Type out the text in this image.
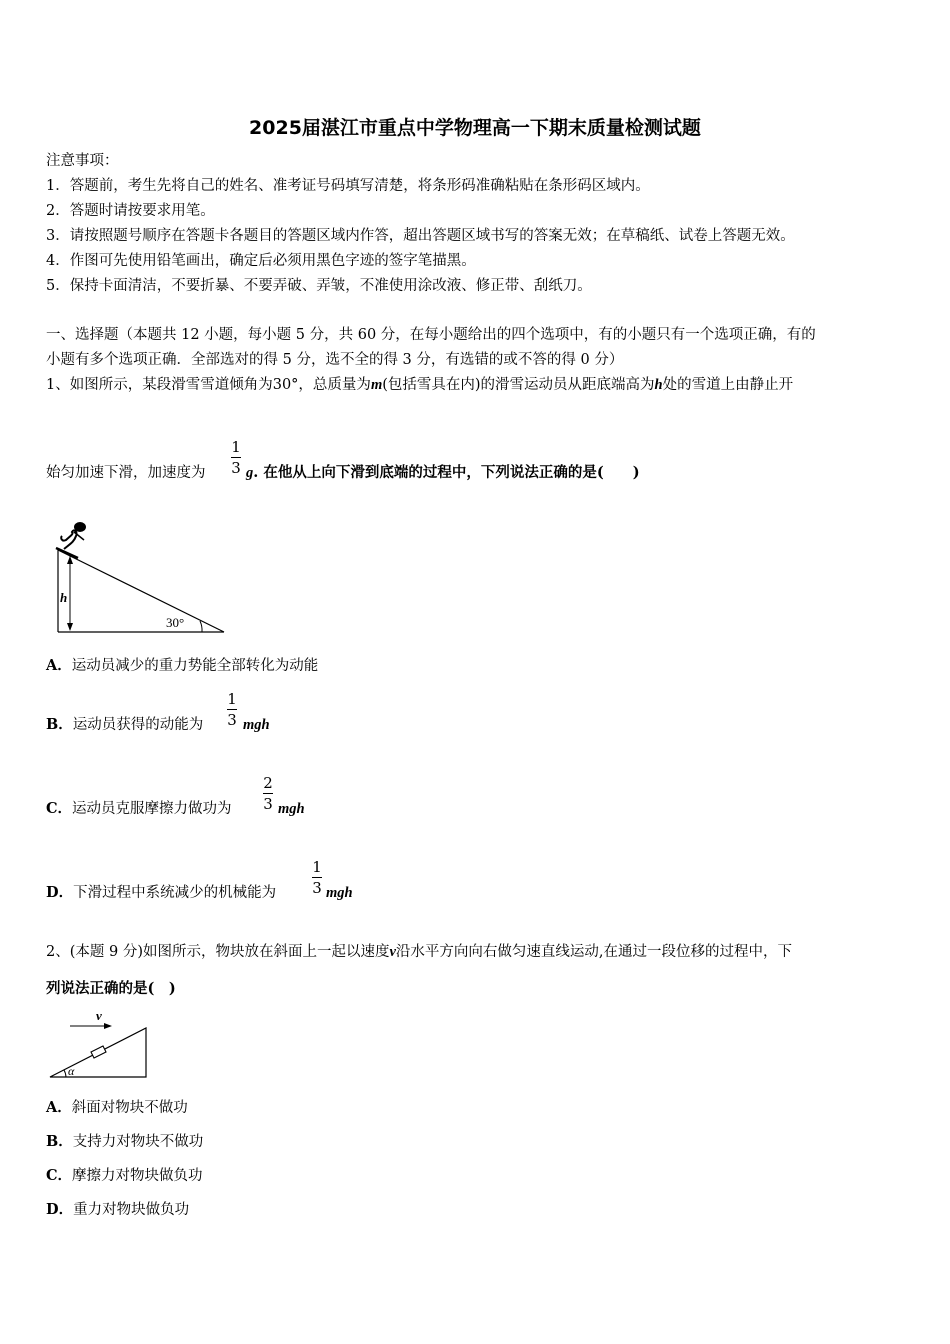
2025届湛江市重点中学物理高一下期末质量检测试题
注意事项：
1．答题前，考生先将自己的姓名、准考证号码填写清楚，将条形码准确粘贴在条形码区域内。
2．答题时请按要求用笔。
3．请按照题号顺序在答题卡各题目的答题区域内作答，超出答题区域书写的答案无效；在草稿纸、试卷上答题无效。
4．作图可先使用铅笔画出，确定后必须用黑色字迹的签字笔描黑。
5．保持卡面清洁，不要折暴、不要弄破、弄皱，不准使用涂改液、修正带、刮纸刀。
一、选择题（本题共 12 小题，每小题 5 分，共 60 分，在每小题给出的四个选项中，有的小题只有一个选项正确，有的
小题有多个选项正确．全部选对的得 5 分，选不全的得 3 分，有选错的或不答的得 0 分）
1、如图所示，某段滑雪雪道倾角为30°，总质量为m(包括雪具在内)的滑雪运动员从距底端高为h处的雪道上由静止开
1
3
始匀加速下滑，加速度为	g. 在他从上向下滑到底端的过程中，下列说法正确的是(　　)
h
30°
A．运动员减少的重力势能全部转化为动能
1
3
B．运动员获得的动能为	mgh
2
3
C．运动员克服摩擦力做功为	mgh
1
3
D．下滑过程中系统减少的机械能为	mgh
2、(本题 9 分)如图所示，物块放在斜面上一起以速度v沿水平方向向右做匀速直线运动,在通过一段位移的过程中，下
列说法正确的是(　)
v
α
A．斜面对物块不做功
B．支持力对物块不做功
C．摩擦力对物块做负功
D．重力对物块做负功
